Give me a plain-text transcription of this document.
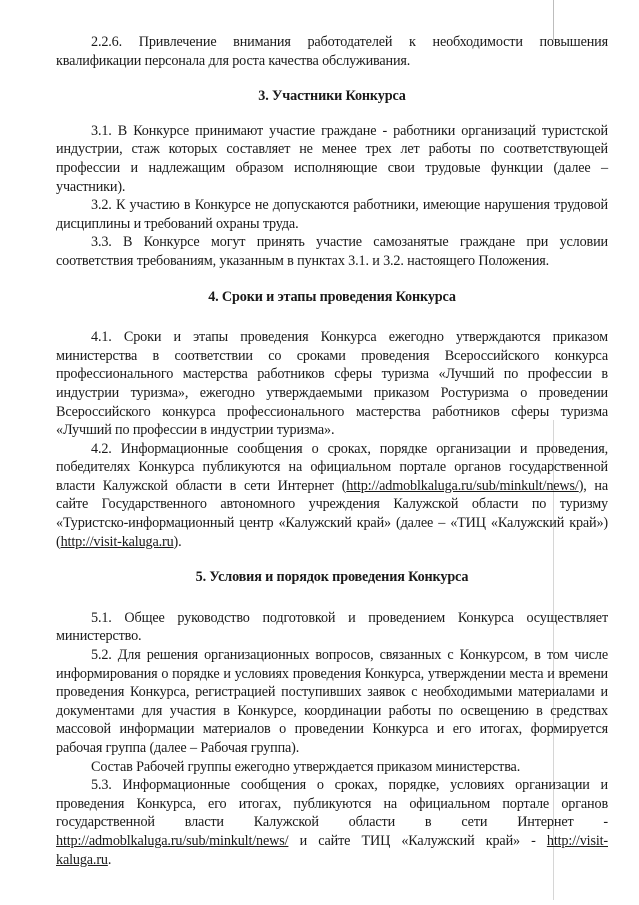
2.2.6. Привлечение внимания работодателей к необходимости повышения квалификации персонала для роста качества обслуживания.

3. Участники Конкурса

3.1. В Конкурсе принимают участие граждане - работники организаций туристской индустрии, стаж которых составляет не менее трех лет работы по соответствующей профессии и надлежащим образом исполняющие свои трудовые функции (далее – участники).

3.2. К участию в Конкурсе не допускаются работники, имеющие нарушения трудовой дисциплины и требований охраны труда.

3.3. В Конкурсе могут принять участие самозанятые граждане при условии соответствия требованиям, указанным в пунктах 3.1. и 3.2. настоящего Положения.

4. Сроки и этапы проведения Конкурса

4.1. Сроки и этапы проведения Конкурса ежегодно утверждаются приказом министерства в соответствии со сроками проведения Всероссийского конкурса профессионального мастерства работников сферы туризма «Лучший по профессии в индустрии туризма», ежегодно утверждаемыми приказом Ростуризма о проведении Всероссийского конкурса профессионального мастерства работников сферы туризма «Лучший по профессии в индустрии туризма».

4.2. Информационные сообщения о сроках, порядке организации и проведения, победителях Конкурса публикуются на официальном портале органов государственной власти Калужской области в сети Интернет (http://admoblkaluga.ru/sub/minkult/news/), на сайте Государственного автономного учреждения Калужской области по туризму «Туристско-информационный центр «Калужский край» (далее – «ТИЦ «Калужский край») (http://visit-kaluga.ru).

5. Условия и порядок проведения Конкурса

5.1. Общее руководство подготовкой и проведением Конкурса осуществляет министерство.

5.2. Для решения организационных вопросов, связанных с Конкурсом, в том числе информирования о порядке и условиях проведения Конкурса, утверждении места и времени проведения Конкурса, регистрацией поступивших заявок с необходимыми материалами и документами для участия в Конкурсе, координации работы по освещению в средствах массовой информации материалов о проведении Конкурса и его итогах, формируется рабочая группа (далее – Рабочая группа).

Состав Рабочей группы ежегодно утверждается приказом министерства.

5.3. Информационные сообщения о сроках, порядке, условиях организации и проведения Конкурса, его итогах, публикуются на официальном портале органов государственной власти Калужской области в сети Интернет - http://admoblkaluga.ru/sub/minkult/news/ и сайте ТИЦ «Калужский край» - http://visit-kaluga.ru.
